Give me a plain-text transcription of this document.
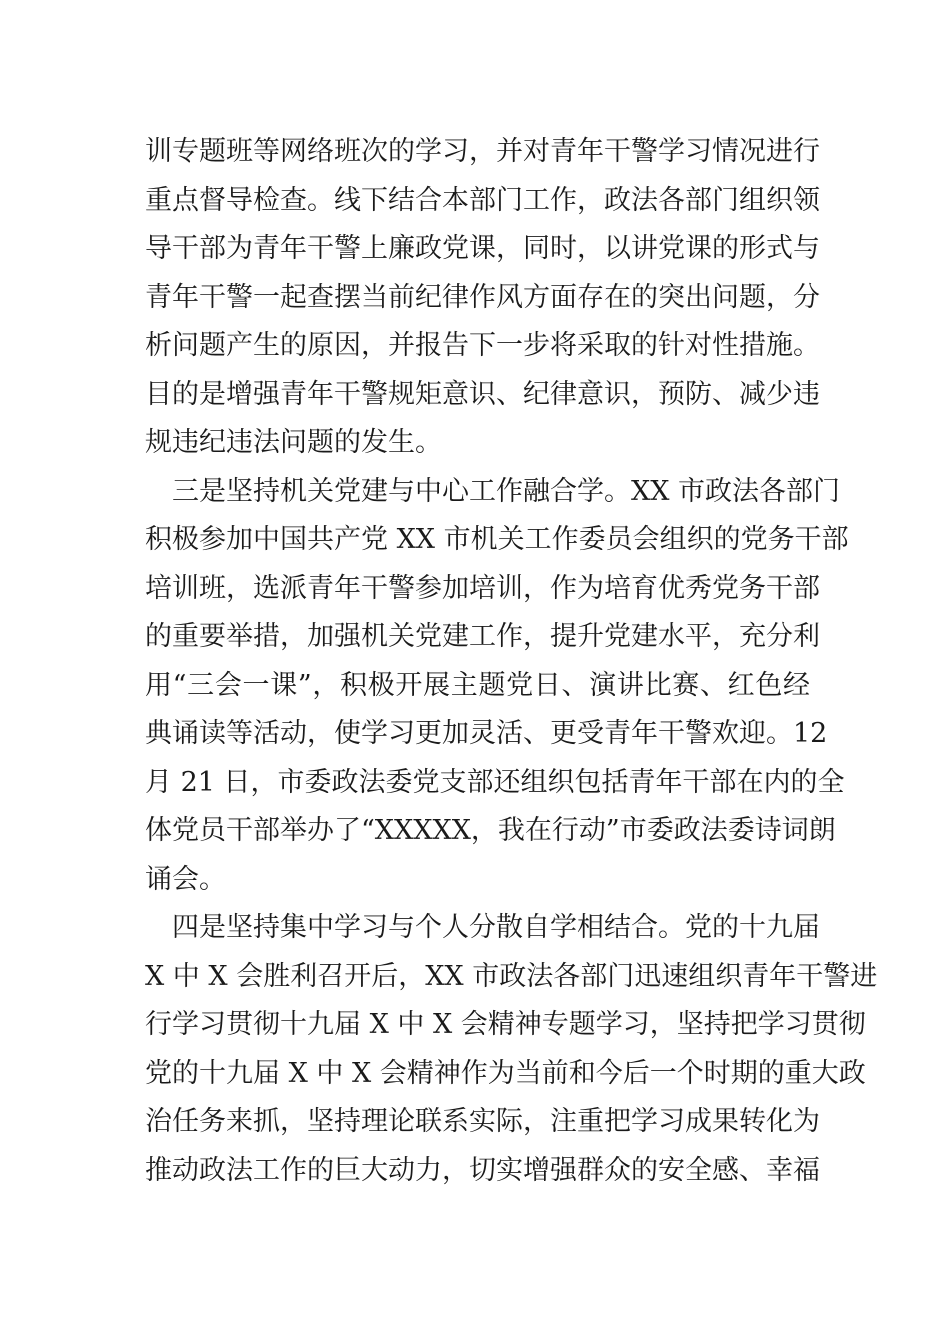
训专题班等网络班次的学习，并对青年干警学习情况进行
重点督导检查。线下结合本部门工作，政法各部门组织领
导干部为青年干警上廉政党课，同时，以讲党课的形式与
青年干警一起查摆当前纪律作风方面存在的突出问题，分
析问题产生的原因，并报告下一步将采取的针对性措施。
目的是增强青年干警规矩意识、纪律意识，预防、减少违
规违纪违法问题的发生。
　三是坚持机关党建与中心工作融合学。XX 市政法各部门
积极参加中国共产党 XX 市机关工作委员会组织的党务干部
培训班，选派青年干警参加培训，作为培育优秀党务干部
的重要举措，加强机关党建工作，提升党建水平，充分利
用“三会一课”，积极开展主题党日、演讲比赛、红色经
典诵读等活动，使学习更加灵活、更受青年干警欢迎。12
月 21 日，市委政法委党支部还组织包括青年干部在内的全
体党员干部举办了“XXXXX，我在行动”市委政法委诗词朗
诵会。
　四是坚持集中学习与个人分散自学相结合。党的十九届
X 中 X 会胜利召开后，XX 市政法各部门迅速组织青年干警进
行学习贯彻十九届 X 中 X 会精神专题学习，坚持把学习贯彻
党的十九届 X 中 X 会精神作为当前和今后一个时期的重大政
治任务来抓，坚持理论联系实际，注重把学习成果转化为
推动政法工作的巨大动力，切实增强群众的安全感、幸福
